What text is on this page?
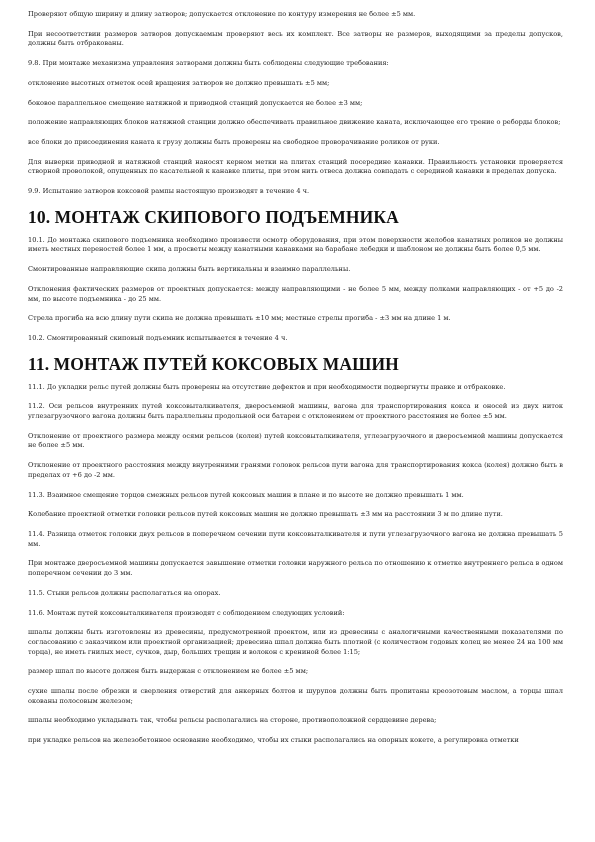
Проверяют общую ширину и длину затворов; допускается отклонение по контуру измерения не более ±5 мм.

При несоответствии размеров затворов допускаемым проверяют весь их комплект. Все затворы не размеров, выходящими за пределы допусков, должны быть отбракованы.

9.8. При монтаже механизма управления затворами должны быть соблюдены следующие требования:

отклонение высотных отметок осей вращения затворов не должно превышать ±5 мм;

боковое параллельное смещение натяжной и приводной станций допускается не более ±3 мм;

положение направляющих блоков натяжной станции должно обеспечивать правильное движение каната, исключающее его трение о реборды блоков;

все блоки до присоединения каната к грузу должны быть проверены на свободное проворачивание роликов от руки.

Для выверки приводной и натяжной станций наносят керном метки на плитах станций посередине канавки. Правильность установки проверяется створной проволокой, опущенных по касательной к канавке плиты, при этом нить отвеса должна совпадать с серединой канавки в пределах допуска.

9.9. Испытание затворов коксовой рампы настоящую производят в течение 4 ч.

10. МОНТАЖ СКИПОВОГО ПОДЪЕМНИКА

10.1. До монтажа скипового подъемника необходимо произвести осмотр оборудования, при этом поверхности желобов канатных роликов не должны иметь местных переностей более 1 мм, а просветы между канатными канавками на барабане лебедки и шаблоном не должны быть более 0,5 мм.

Смонтированные направляющие скипа должны быть вертикальны и взаимно параллельны.

Отклонения фактических размеров от проектных допускается: между направляющими - не более 5 мм, между полками направляющих - от +5 до -2 мм, по высоте подъемника - до 25 мм.

Стрела прогиба на всю длину пути скипа не должна превышать ±10 мм; местные стрелы прогиба - ±3 мм на длине 1 м.

10.2. Смонтированный скиповый подъемник испытывается в течение 4 ч.

11. МОНТАЖ ПУТЕЙ КОКСОВЫХ МАШИН

11.1. До укладки рельс путей должны быть проверены на отсутствие дефектов и при необходимости подвергнуты правке и отбраковке.

11.2. Оси рельсов внутренних путей коксовыталкивателя, дверосъемной машины, вагона для транспортирования кокса и оносей из двух ниток углезагрузочного вагона должны быть параллельны продольной оси батареи с отклонением от проектного расстояния не более ±5 мм.

Отклонение от проектного размера между осями рельсов (колеи) путей коксовыталкивателя, углезагрузочного и дверосъемной машины допускается не более ±5 мм.

Отклонение от проектного расстояния между внутренними гранями головок рельсов пути вагона для транспортирования кокса (колея) должно быть в пределах от +6 до -2 мм.

11.3. Взаимное смещение торцов смежных рельсов путей коксовых машин в плане и по высоте не должно превышать 1 мм.

Колебание проектной отметки головки рельсов путей коксовых машин не должно превышать ±3 мм на расстоянии 3 м по длине пути.

11.4. Разница отметок головки двух рельсов в поперечном сечении пути коксовыталкивателя и пути углезагрузочного вагона не должна превышать 5 мм.

При монтаже дверосъемной машины допускается завышение отметки головки наружного рельса по отношению к отметке внутреннего рельса в одном поперечном сечении до 3 мм.

11.5. Стыки рельсов должны располагаться на опорах.

11.6. Монтаж путей коксовыталкивателя производят с соблюдением следующих условий:

шпалы должны быть изготовлены из древесины, предусмотренной проектом, или из древесины с аналогичными качественными показателями по согласованию с заказчиком или проектной организацией; древесина шпал должна быть плотной (с количеством годовых колец не менее 24 на 100 мм торца), не иметь гнилых мест, сучков, дыр, больших трещин и волокон с крениной более 1:15;

размер шпал по высоте должен быть выдержан с отклонением не более ±5 мм;

сухие шпалы после обрезки и сверления отверстий для анкерных болтов и шурупов должны быть пропитаны креозотовым маслом, а торцы шпал окованы полосовым железом;

шпалы необходимо укладывать так, чтобы рельсы располагались на стороне, противоположной сердцевине дерева;

при укладке рельсов на железобетонное основание необходимо, чтобы их стыки располагались на опорных кокете, а регулировка отметки
